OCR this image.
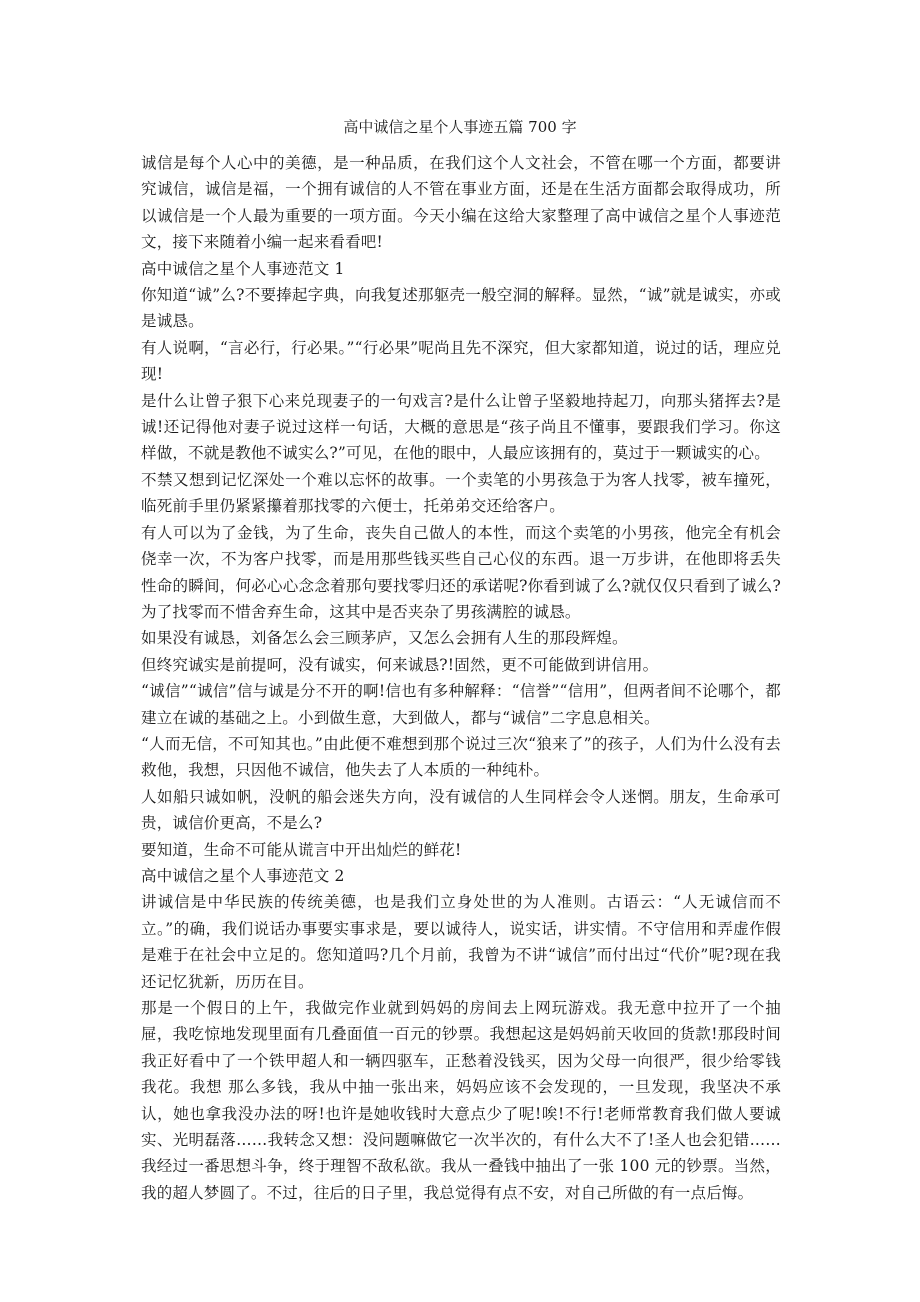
高中诚信之星个人事迹五篇 700 字

诚信是每个人心中的美德，是一种品质，在我们这个人文社会，不管在哪一个方面，都要讲究诚信，诚信是福，一个拥有诚信的人不管在事业方面，还是在生活方面都会取得成功，所以诚信是一个人最为重要的一项方面。今天小编在这给大家整理了高中诚信之星个人事迹范文，接下来随着小编一起来看看吧!

高中诚信之星个人事迹范文 1

你知道“诚”么?不要捧起字典，向我复述那躯壳一般空洞的解释。显然，“诚”就是诚实，亦或是诚恳。

有人说啊，“言必行，行必果。”“行必果”呢尚且先不深究，但大家都知道，说过的话，理应兑现!

是什么让曾子狠下心来兑现妻子的一句戏言?是什么让曾子坚毅地持起刀，向那头猪挥去?是诚!还记得他对妻子说过这样一句话，大概的意思是“孩子尚且不懂事，要跟我们学习。你这样做，不就是教他不诚实么?”可见，在他的眼中，人最应该拥有的，莫过于一颗诚实的心。

不禁又想到记忆深处一个难以忘怀的故事。一个卖笔的小男孩急于为客人找零，被车撞死，临死前手里仍紧紧攥着那找零的六便士，托弟弟交还给客户。

有人可以为了金钱，为了生命，丧失自己做人的本性，而这个卖笔的小男孩，他完全有机会侥幸一次，不为客户找零，而是用那些钱买些自己心仪的东西。退一万步讲，在他即将丢失性命的瞬间，何必心心念念着那句要找零归还的承诺呢?你看到诚了么?就仅仅只看到了诚么?为了找零而不惜舍弃生命，这其中是否夹杂了男孩满腔的诚恳。

如果没有诚恳，刘备怎么会三顾茅庐，又怎么会拥有人生的那段辉煌。

但终究诚实是前提呵，没有诚实，何来诚恳?!固然，更不可能做到讲信用。

“诚信”“诚信”信与诚是分不开的啊!信也有多种解释：“信誉”“信用”，但两者间不论哪个，都建立在诚的基础之上。小到做生意，大到做人，都与“诚信”二字息息相关。

“人而无信，不可知其也。”由此便不难想到那个说过三次“狼来了”的孩子，人们为什么没有去救他，我想，只因他不诚信，他失去了人本质的一种纯朴。

人如船只诚如帆，没帆的船会迷失方向，没有诚信的人生同样会令人迷惘。朋友，生命承可贵，诚信价更高，不是么?

要知道，生命不可能从谎言中开出灿烂的鲜花!

高中诚信之星个人事迹范文 2

讲诚信是中华民族的传统美德，也是我们立身处世的为人准则。古语云：“人无诚信而不立。”的确，我们说话办事要实事求是，要以诚待人，说实话，讲实情。不守信用和弄虚作假是难于在社会中立足的。您知道吗?几个月前，我曾为不讲“诚信”而付出过“代价”呢?现在我还记忆犹新，历历在目。

那是一个假日的上午，我做完作业就到妈妈的房间去上网玩游戏。我无意中拉开了一个抽屉，我吃惊地发现里面有几叠面值一百元的钞票。我想起这是妈妈前天收回的货款!那段时间我正好看中了一个铁甲超人和一辆四驱车，正愁着没钱买，因为父母一向很严，很少给零钱我花。我想 那么多钱，我从中抽一张出来，妈妈应该不会发现的，一旦发现，我坚决不承认，她也拿我没办法的呀!也许是她收钱时大意点少了呢!唉!不行!老师常教育我们做人要诚实、光明磊落……我转念又想：没问题嘛做它一次半次的，有什么大不了!圣人也会犯错……我经过一番思想斗争，终于理智不敌私欲。我从一叠钱中抽出了一张 100 元的钞票。当然，我的超人梦圆了。不过，往后的日子里，我总觉得有点不安，对自己所做的有一点后悔。
